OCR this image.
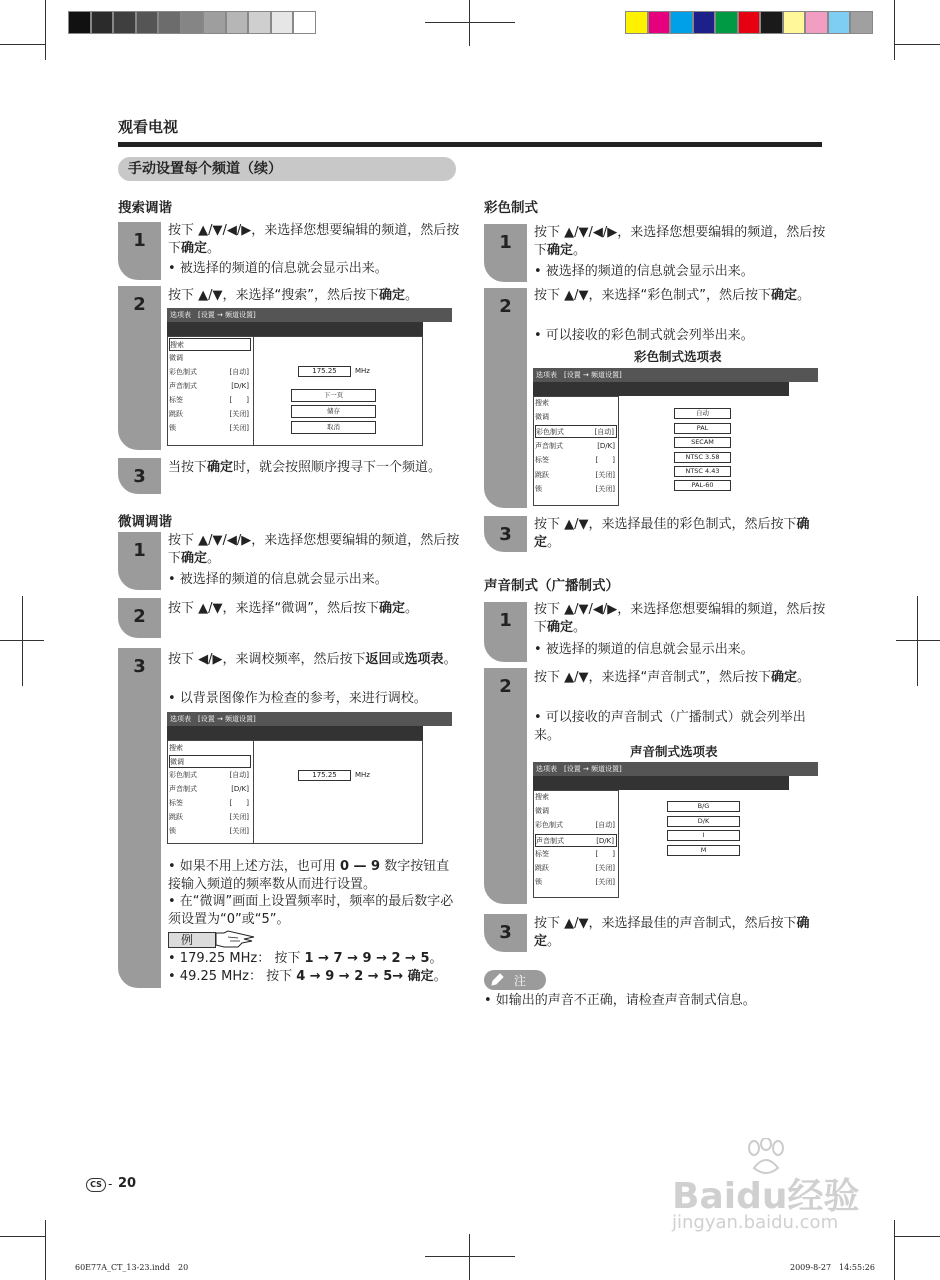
观看电视
手动设置每个频道（续）
搜索调谐
1	按下 ▲/▼/◀/▶，来选择您想要编辑的频道，然后按下确定。
• 被选择的频道的信息就会显示出来。
2	按下 ▲/▼，来选择“搜索”，然后按下确定。
选项表　[设置 → 频道设置]
搜索
微调
彩色制式	[自动]
声音制式	[D/K]
标签	[　　]
跳跃	[关闭]
锁	[关闭]
175.25	MHz
下一页
储存
取消
3	当按下确定时，就会按照顺序搜寻下一个频道。
微调调谐
1	按下 ▲/▼/◀/▶，来选择您想要编辑的频道，然后按下确定。
• 被选择的频道的信息就会显示出来。
2	按下 ▲/▼，来选择“微调”，然后按下确定。
3	按下 ◀/▶，来调校频率，然后按下返回或选项表。
• 以背景图像作为检查的参考，来进行调校。
选项表　[设置 → 频道设置]
搜索
微调
彩色制式	[自动]
声音制式	[D/K]
标签	[　　]
跳跃	[关闭]
锁	[关闭]
175.25	MHz
• 如果不用上述方法，也可用 0 — 9 数字按钮直接输入频道的频率数从而进行设置。
• 在“微调”画面上设置频率时，频率的最后数字必须设置为“0”或“5”。
例
• 179.25 MHz： 按下 1 → 7 → 9 → 2 → 5。
• 49.25 MHz： 按下 4 → 9 → 2 → 5→ 确定。
彩色制式
1	按下 ▲/▼/◀/▶，来选择您想要编辑的频道，然后按下确定。
• 被选择的频道的信息就会显示出来。
2
按下 ▲/▼，来选择“彩色制式”，然后按下确定。
• 可以接收的彩色制式就会列举出来。
彩色制式选项表
选项表　[设置 → 频道设置]
搜索
微调
彩色制式	[自动]
声音制式	[D/K]
标签	[　　]
跳跃	[关闭]
锁	[关闭]
自动
PAL
SECAM
NTSC 3.58
NTSC 4.43
PAL-60
3	按下 ▲/▼，来选择最佳的彩色制式，然后按下确定。
声音制式（广播制式）
1
按下 ▲/▼/◀/▶，来选择您想要编辑的频道，然后按下确定。
• 被选择的频道的信息就会显示出来。
2	按下 ▲/▼，来选择“声音制式”，然后按下确定。
• 可以接收的声音制式（广播制式）就会列举出来。
声音制式选项表
选项表　[设置 → 频道设置]
搜索
微调
彩色制式	[自动]
声音制式	[D/K]
标签	[　　]
跳跃	[关闭]
锁	[关闭]
B/G
D/K
I
M
3	按下 ▲/▼，来选择最佳的声音制式，然后按下确定。
注
• 如输出的声音不正确，请检查声音制式信息。
CS - 20	Baidu经验
jingyan.baidu.com
60E77A_CT_13-23.indd　20	2009-8-27　14:55:26
